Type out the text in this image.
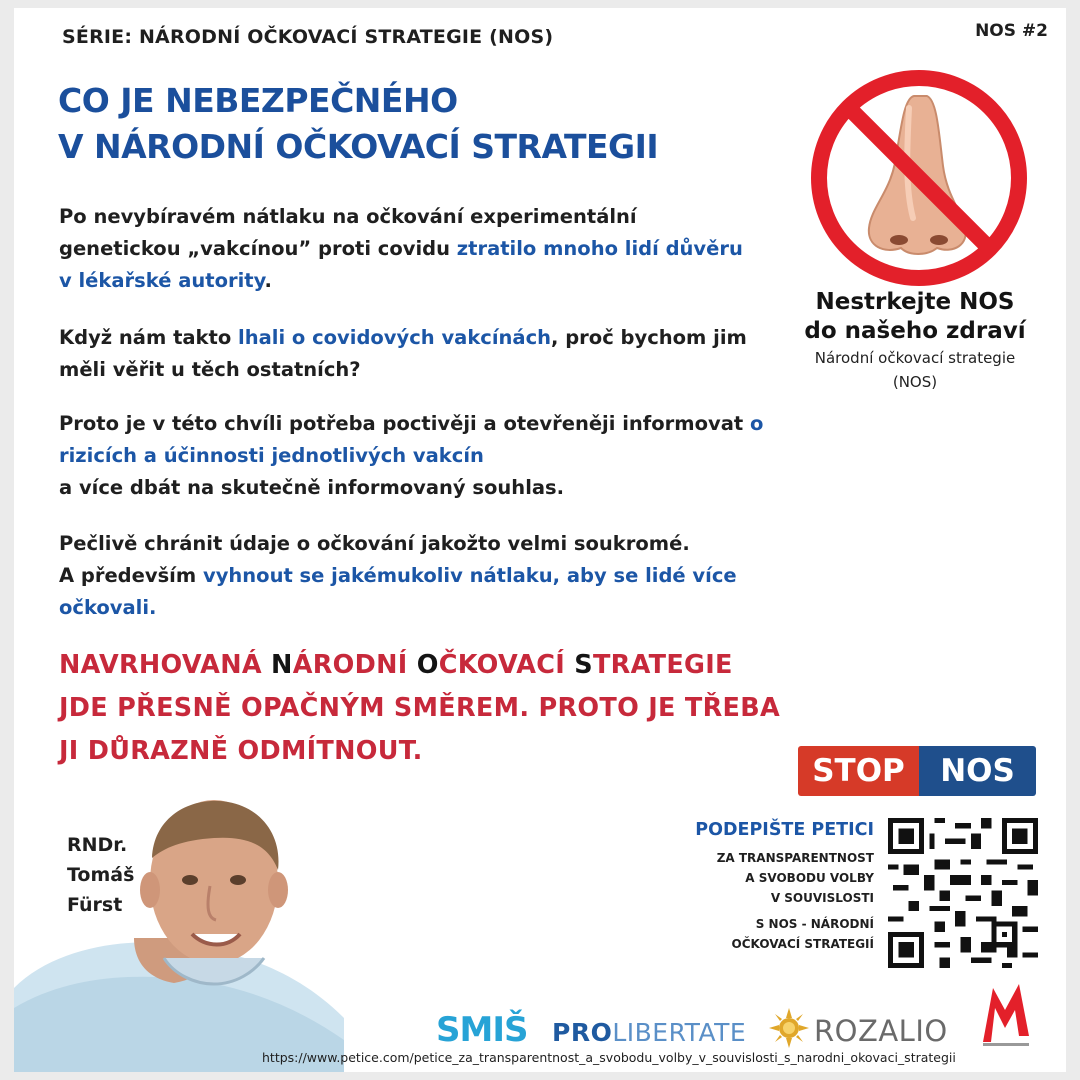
SÉRIE: NÁRODNÍ OČKOVACÍ STRATEGIE (NOS)	NOS #2
CO JE NEBEZPEČNÉHO
V NÁRODNÍ OČKOVACÍ STRATEGII
Po nevybíravém nátlaku na očkování experimentální genetickou „vakcínou” proti covidu ztratilo mnoho lidí důvěru v lékařské autority.
Když nám takto lhali o covidových vakcínách, proč bychom jim měli věřit u těch ostatních?
Proto je v této chvíli potřeba poctivěji a otevřeněji informovat o rizicích a účinnosti jednotlivých vakcín
a více dbát na skutečně informovaný souhlas.
Pečlivě chránit údaje o očkování jakožto velmi soukromé.
A především vyhnout se jakémukoliv nátlaku, aby se lidé více očkovali.
NAVRHOVANÁ NÁRODNÍ OČKOVACÍ STRATEGIE
JDE PŘESNĚ OPAČNÝM SMĚREM. PROTO JE TŘEBA
JI DŮRAZNĚ ODMÍTNOUT.
Nestrkejte NOS
do našeho zdraví
Národní očkovací strategie
(NOS)
STOP	NOS
PODEPIŠTE PETICI
ZA TRANSPARENTNOST
A SVOBODU VOLBY
V SOUVISLOSTI
S NOS - NÁRODNÍ
OČKOVACÍ STRATEGIÍ
RNDr.
Tomáš
Fürst
SMIŠ PROLIBERTATE ROZALIO
https://www.petice.com/petice_za_transparentnost_a_svobodu_volby_v_souvislosti_s_narodni_okovaci_strategii
